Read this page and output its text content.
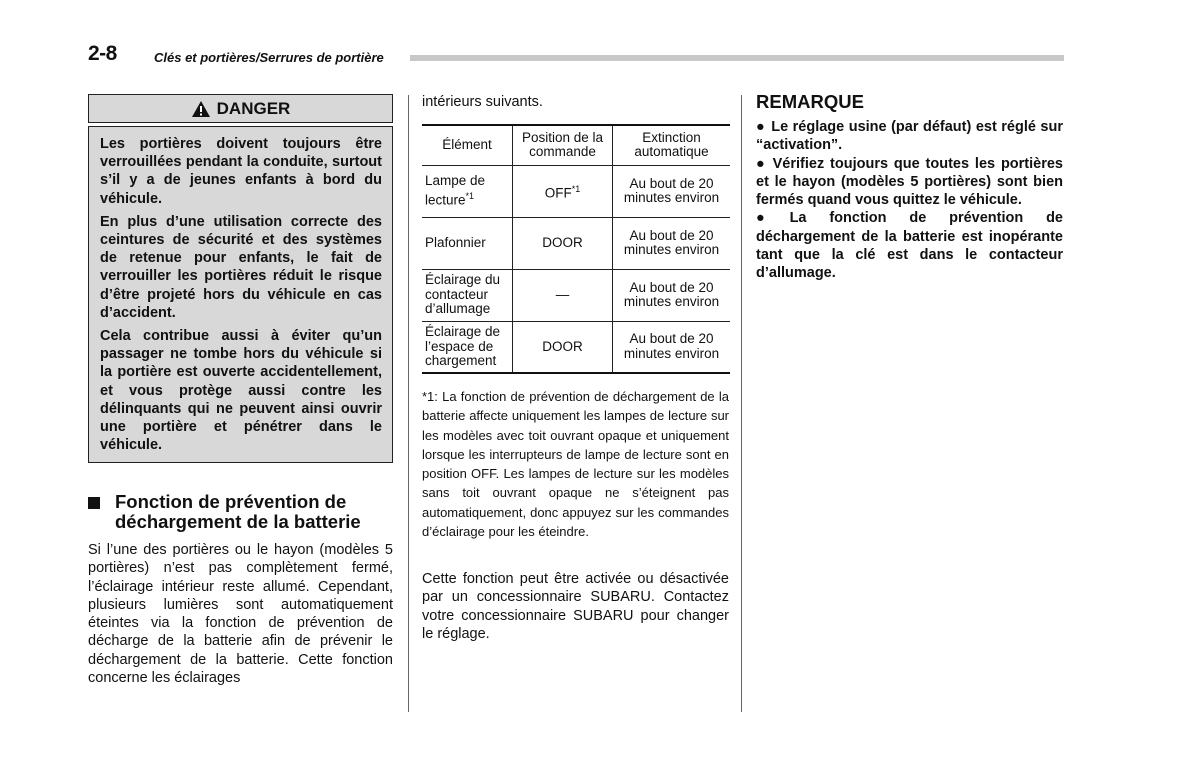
2-8	Clés et portières/Serrures de portière
DANGER

Les portières doivent toujours être verrouillées pendant la conduite, surtout s’il y a de jeunes enfants à bord du véhicule.

En plus d’une utilisation correcte des ceintures de sécurité et des systèmes de retenue pour enfants, le fait de verrouiller les portières réduit le risque d’être projeté hors du véhicule en cas d’accident.

Cela contribue aussi à éviter qu’un passager ne tombe hors du véhicule si la portière est ouverte accidentellement, et vous protège aussi contre les délinquants qui ne peuvent ainsi ouvrir une portière et pénétrer dans le véhicule.

Fonction de prévention de déchargement de la batterie

Si l’une des portières ou le hayon (modèles 5 portières) n’est pas complètement fermé, l’éclairage intérieur reste allumé. Cependant, plusieurs lumières sont automatiquement éteintes via la fonction de prévention de décharge de la batterie afin de prévenir le déchargement de la batterie. Cette fonction concerne les éclairages

intérieurs suivants.

Élément	Position de la commande	Extinction automatique
Lampe de lecture$^{*1}$	OFF$^{*1}$	Au bout de 20 minutes environ
Plafonnier	DOOR	Au bout de 20 minutes environ
Éclairage du contacteur d’allumage	—	Au bout de 20 minutes environ
Éclairage de l’espace de chargement	DOOR	Au bout de 20 minutes environ

*1: La fonction de prévention de déchargement de la batterie affecte uniquement les lampes de lecture sur les modèles avec toit ouvrant opaque et uniquement lorsque les interrupteurs de lampe de lecture sont en position OFF. Les lampes de lecture sur les modèles sans toit ouvrant opaque ne s’éteignent pas automatiquement, donc appuyez sur les commandes d’éclairage pour les éteindre.

Cette fonction peut être activée ou désactivée par un concessionnaire SUBARU. Contactez votre concessionnaire SUBARU pour changer le réglage.

REMARQUE
● Le réglage usine (par défaut) est réglé sur “activation”.
● Vérifiez toujours que toutes les portières et le hayon (modèles 5 portières) sont bien fermés quand vous quittez le véhicule.
● La fonction de prévention de déchargement de la batterie est inopérante tant que la clé est dans le contacteur d’allumage.
